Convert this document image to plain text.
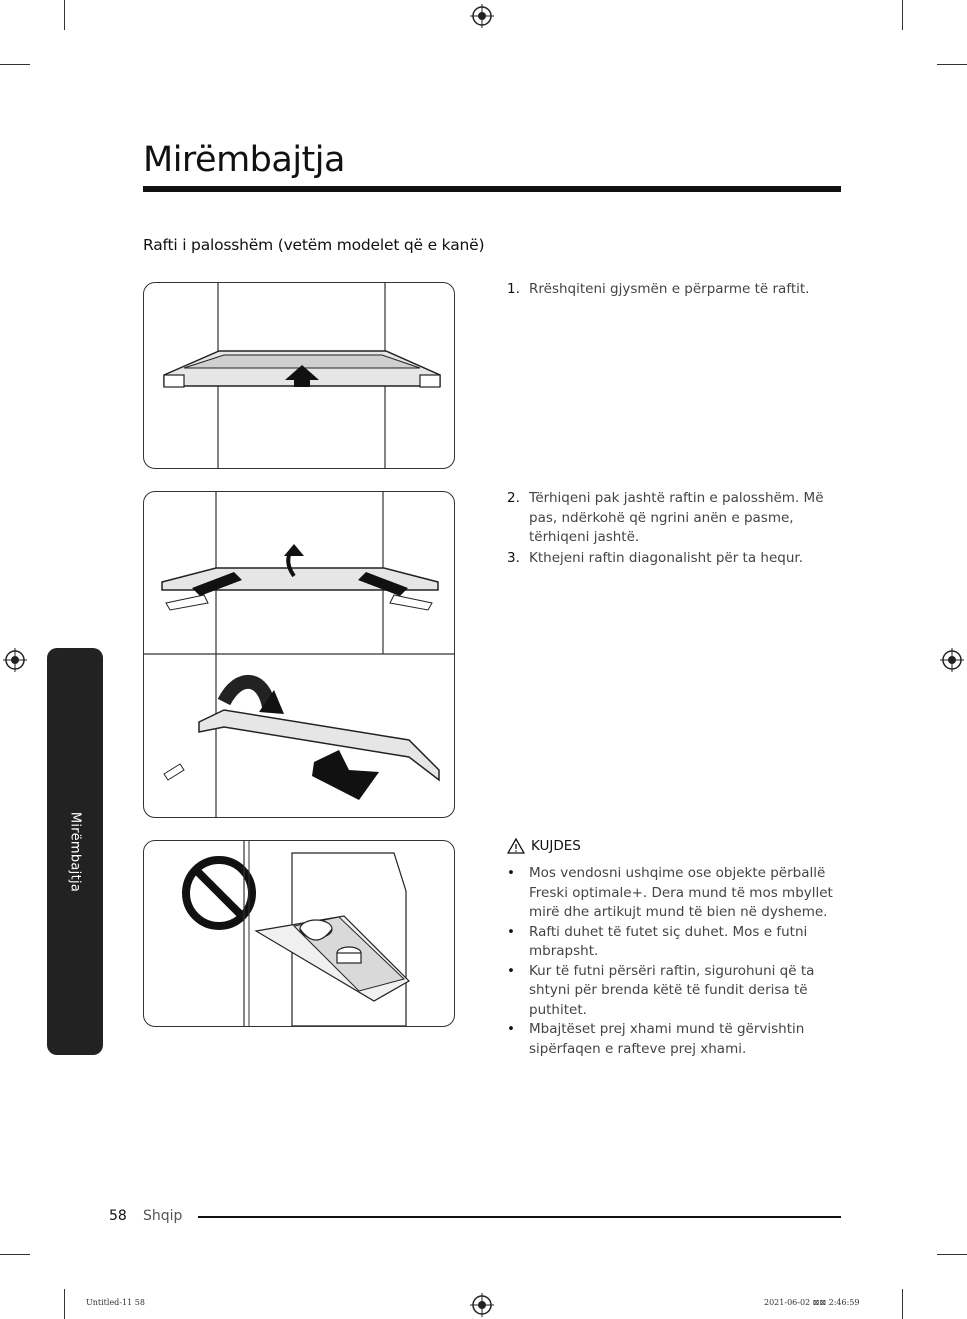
Mirëmbajtja
Rafti i palosshëm (vetëm modelet që e kanë)
1. Rrëshqiteni gjysmën e përparme të raftit.
2. Tërhiqeni pak jashtë raftin e palosshëm. Më pas, ndërkohë që ngrini anën e pasme, tërhiqeni jashtë.
3. Kthejeni raftin diagonalisht për ta hequr.
KUJDES
•	Mos vendosni ushqime ose objekte përballë Freski optimale+. Dera mund të mos mbyllet mirë dhe artikujt mund të bien në dysheme.
•	Rafti duhet të futet siç duhet. Mos e futni mbrapsht.
•	Kur të futni përsëri raftin, sigurohuni që ta shtyni për brenda këtë të fundit derisa të puthitet.
•	Mbajtëset prej xhami mund të gërvishtin sipërfaqen e rafteve prej xhami.
Mirëmbajtja
58 Shqip
Untitled-11 58	2021-06-02 ⊠⊠ 2:46:59
